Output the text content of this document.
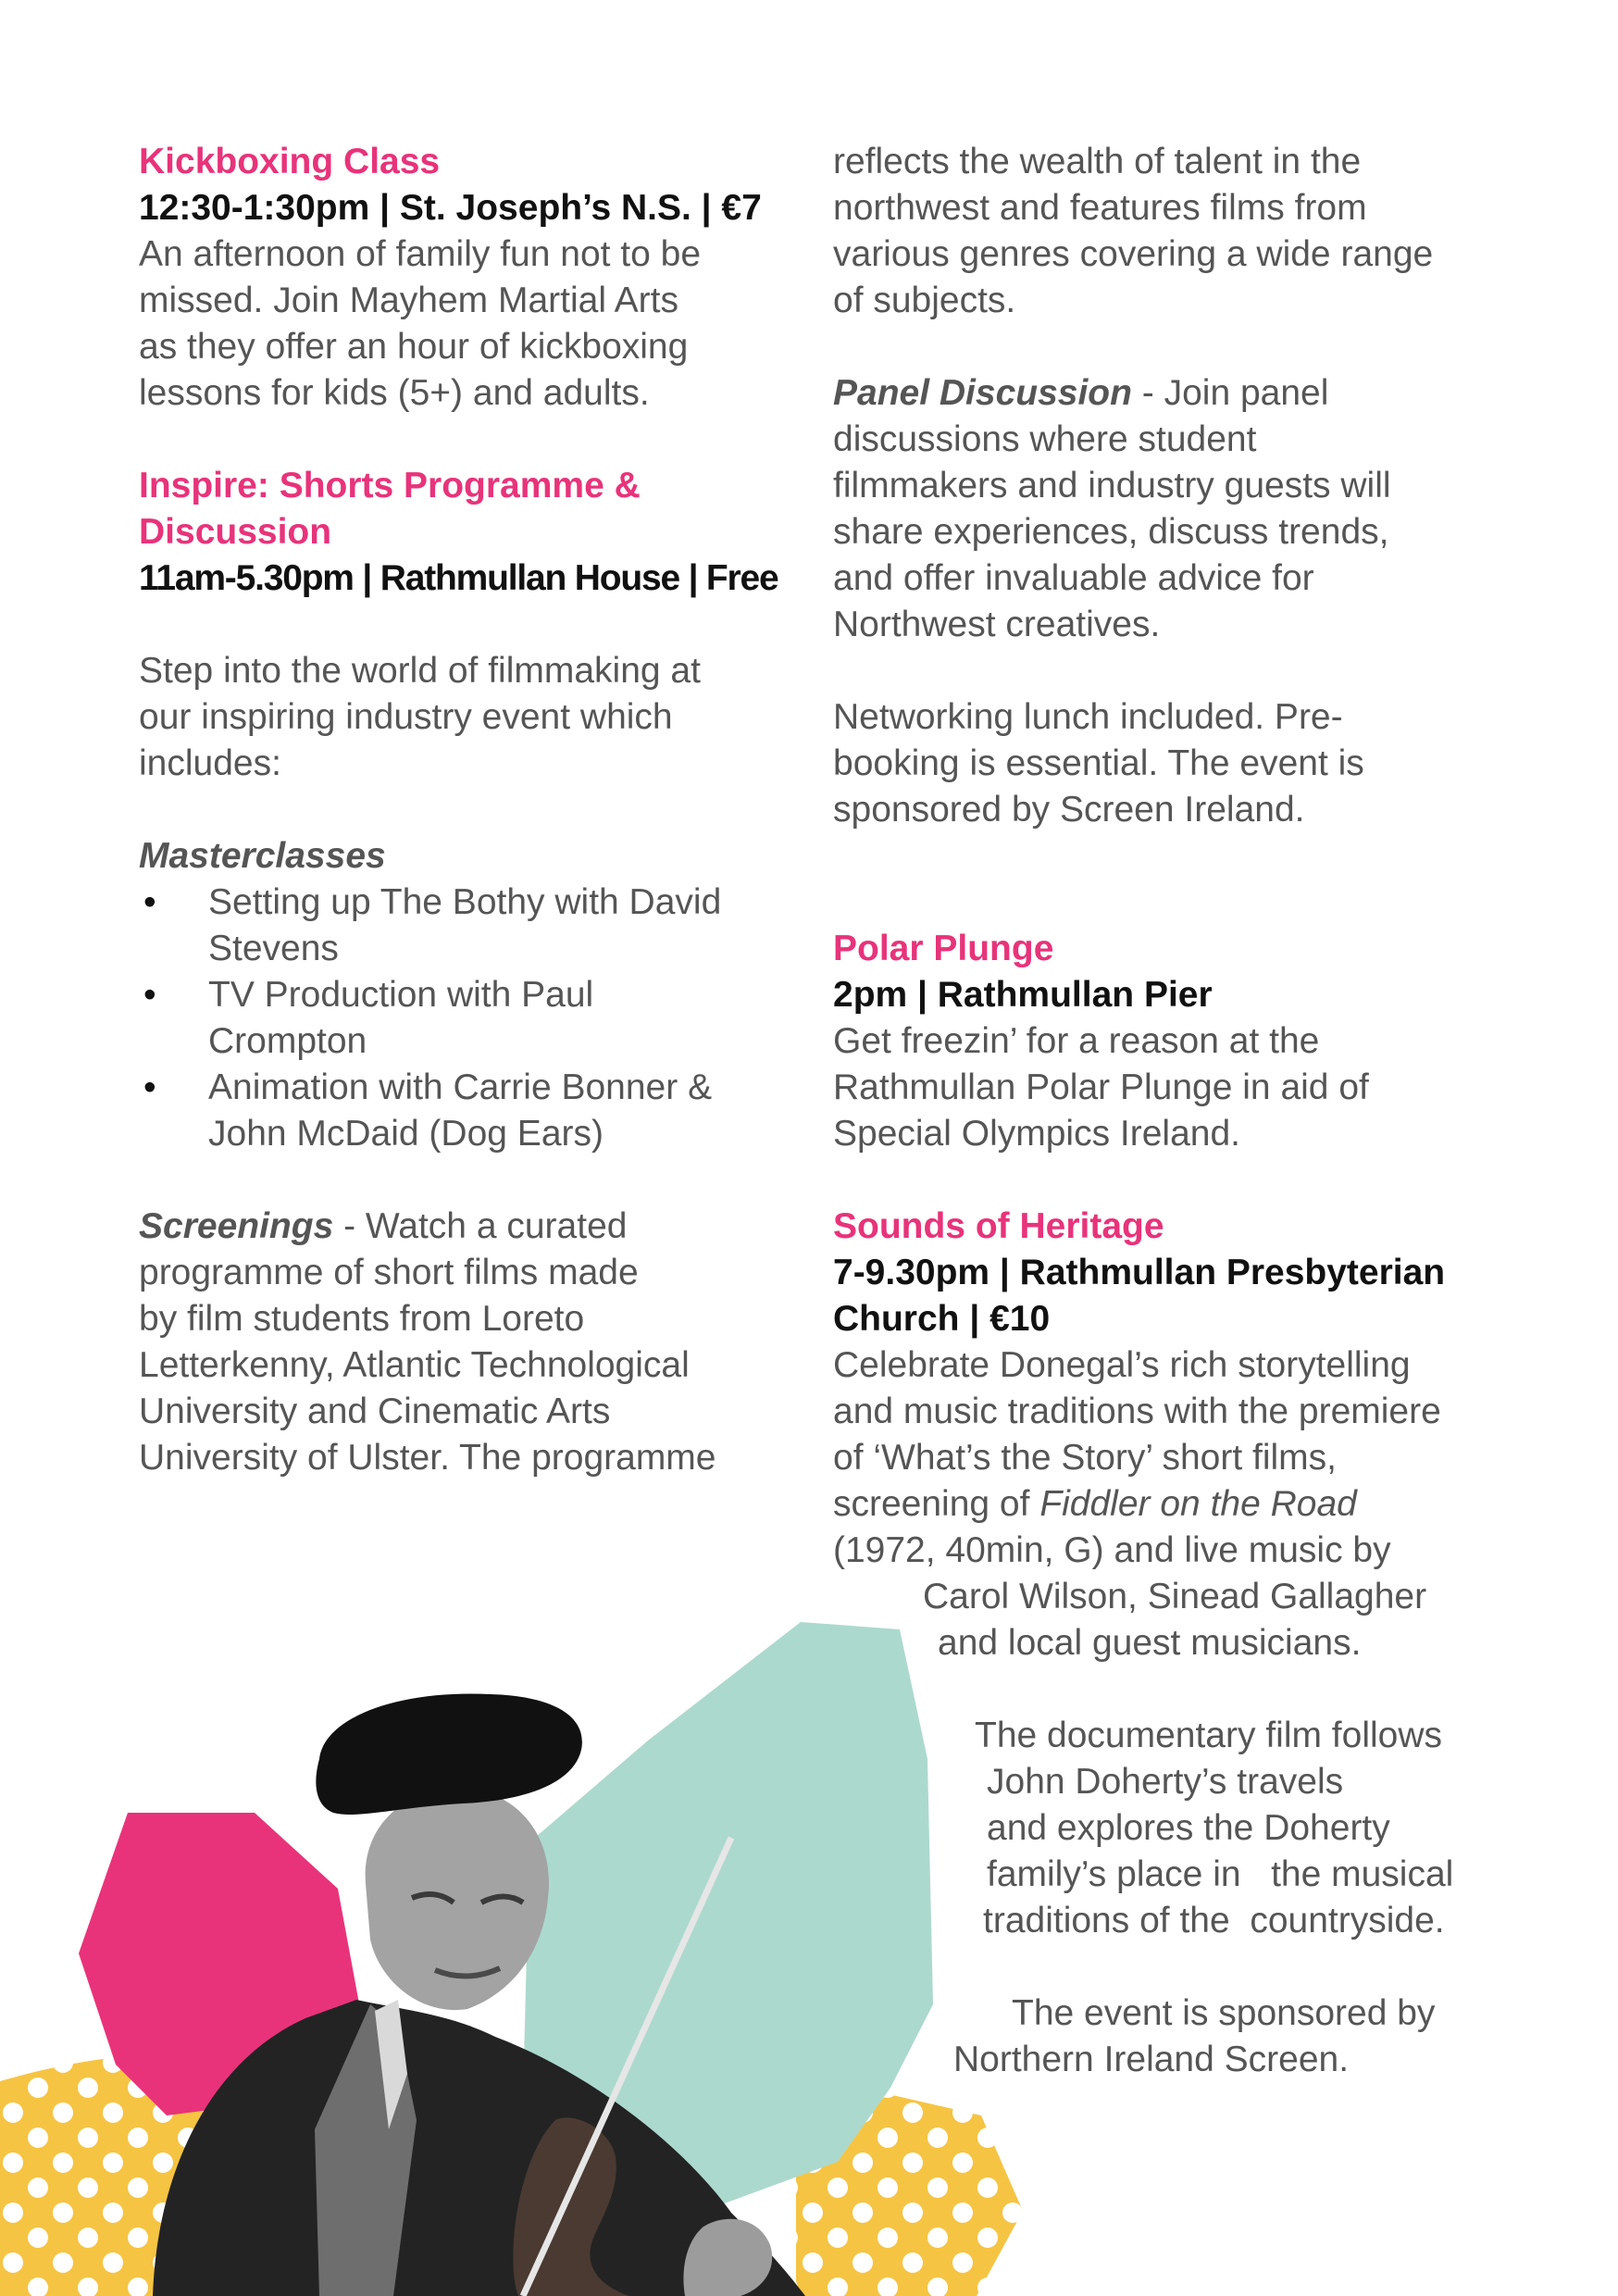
Kickboxing Class
12:30-1:30pm | St. Joseph’s N.S. | €7
An afternoon of family fun not to be
missed. Join Mayhem Martial Arts
as they offer an hour of kickboxing
lessons for kids (5+) and adults.
Inspire: Shorts Programme &
Discussion
11am-5.30pm | Rathmullan House | Free
Step into the world of filmmaking at
our inspiring industry event which
includes:
Masterclasses
• Setting up The Bothy with David
Stevens
• TV Production with Paul
Crompton
• Animation with Carrie Bonner &
John McDaid (Dog Ears)
Screenings - Watch a curated
programme of short films made
by film students from Loreto
Letterkenny, Atlantic Technological
University and Cinematic Arts
University of Ulster. The programme
reflects the wealth of talent in the
northwest and features films from
various genres covering a wide range
of subjects.
Panel Discussion - Join panel
discussions where student
filmmakers and industry guests will
share experiences, discuss trends,
and offer invaluable advice for
Northwest creatives.
Networking lunch included. Pre-
booking is essential. The event is
sponsored by Screen Ireland.
Polar Plunge
2pm | Rathmullan Pier
Get freezin’ for a reason at the
Rathmullan Polar Plunge in aid of
Special Olympics Ireland.
Sounds of Heritage
7-9.30pm | Rathmullan Presbyterian
Church | €10
Celebrate Donegal’s rich storytelling
and music traditions with the premiere
of ‘What’s the Story’ short films,
screening of Fiddler on the Road
(1972, 40min, G) and live music by
Carol Wilson, Sinead Gallagher
and local guest musicians.
The documentary film follows
John Doherty’s travels
and explores the Doherty
family’s place in   the musical
traditions of the  countryside.
The event is sponsored by
Northern Ireland Screen.
